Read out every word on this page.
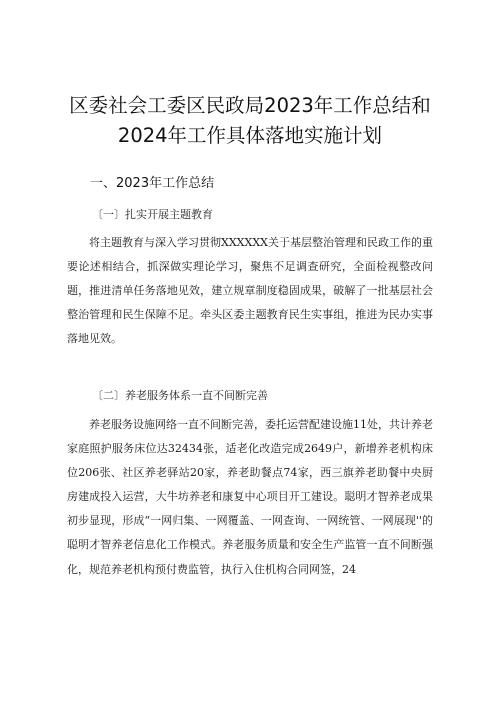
区委社会工委区民政局2023年工作总结和
2024年工作具体落地实施计划
一、2023年工作总结
〔一〕扎实开展主题教育

将主题教育与深入学习贯彻XXXXXX关于基层整治管理和民政工作的重要论述相结合，抓深做实理论学习，聚焦不足调查研究，全面检视整改问题，推进清单任务落地见效，建立规章制度稳固成果，破解了一批基层社会整治管理和民生保障不足。牵头区委主题教育民生实事组，推进为民办实事落地见效。

〔二〕养老服务体系一直不间断完善

养老服务设施网络一直不间断完善，委托运营配建设施11处，共计养老家庭照护服务床位达32434张，适老化改造完成2649户，新增养老机构床位206张、社区养老驿站20家，养老助餐点74家，西三旗养老助餐中央厨房建成投入运营，大牛坊养老和康复中心项目开工建设。聪明才智养老成果初步显现，形成“一网归集、一网覆盖、一网查询、一网统管、一网展现''的聪明才智养老信息化工作模式。养老服务质量和安全生产监管一直不间断强化，规范养老机构预付费监管，执行入住机构合同网签，24
